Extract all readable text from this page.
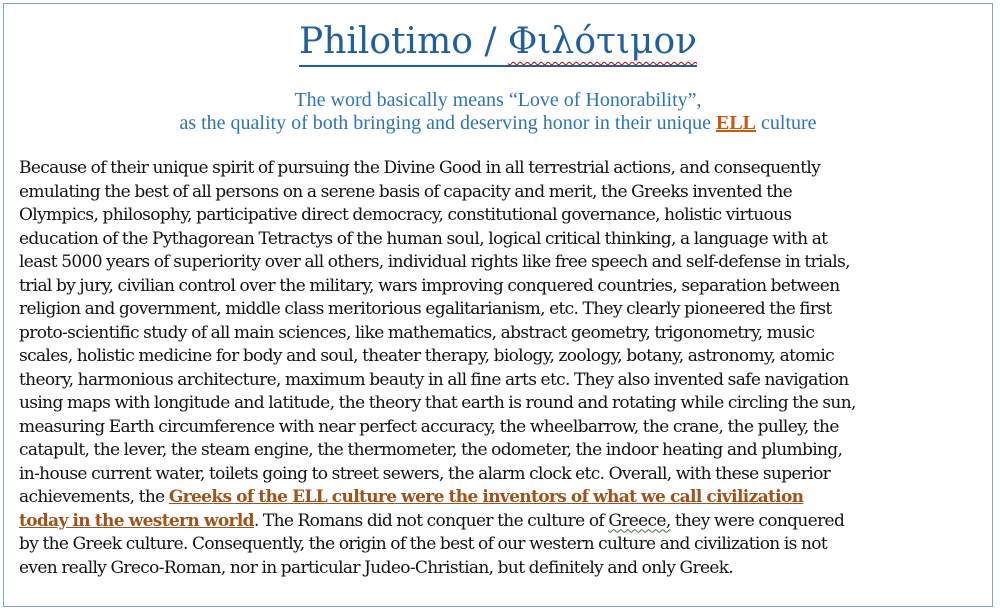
Philotimo / Φιλότιμον
The word basically means “Love of Honorability”,
as the quality of both bringing and deserving honor in their unique ELL culture
Because of their unique spirit of pursuing the Divine Good in all terrestrial actions, and consequently
emulating the best of all persons on a serene basis of capacity and merit, the Greeks invented the
Olympics, philosophy, participative direct democracy, constitutional governance, holistic virtuous
education of the Pythagorean Tetractys of the human soul, logical critical thinking, a language with at
least 5000 years of superiority over all others, individual rights like free speech and self-defense in trials,
trial by jury, civilian control over the military, wars improving conquered countries, separation between
religion and government, middle class meritorious egalitarianism, etc. They clearly pioneered the first
proto-scientific study of all main sciences, like mathematics, abstract geometry, trigonometry, music
scales, holistic medicine for body and soul, theater therapy, biology, zoology, botany, astronomy, atomic
theory, harmonious architecture, maximum beauty in all fine arts etc. They also invented safe navigation
using maps with longitude and latitude, the theory that earth is round and rotating while circling the sun,
measuring Earth circumference with near perfect accuracy, the wheelbarrow, the crane, the pulley, the
catapult, the lever, the steam engine, the thermometer, the odometer, the indoor heating and plumbing,
in-house current water, toilets going to street sewers, the alarm clock etc. Overall, with these superior
achievements, the Greeks of the ELL culture were the inventors of what we call civilization
today in the western world. The Romans did not conquer the culture of Greece, they were conquered
by the Greek culture. Consequently, the origin of the best of our western culture and civilization is not
even really Greco-Roman, nor in particular Judeo-Christian, but definitely and only Greek.
